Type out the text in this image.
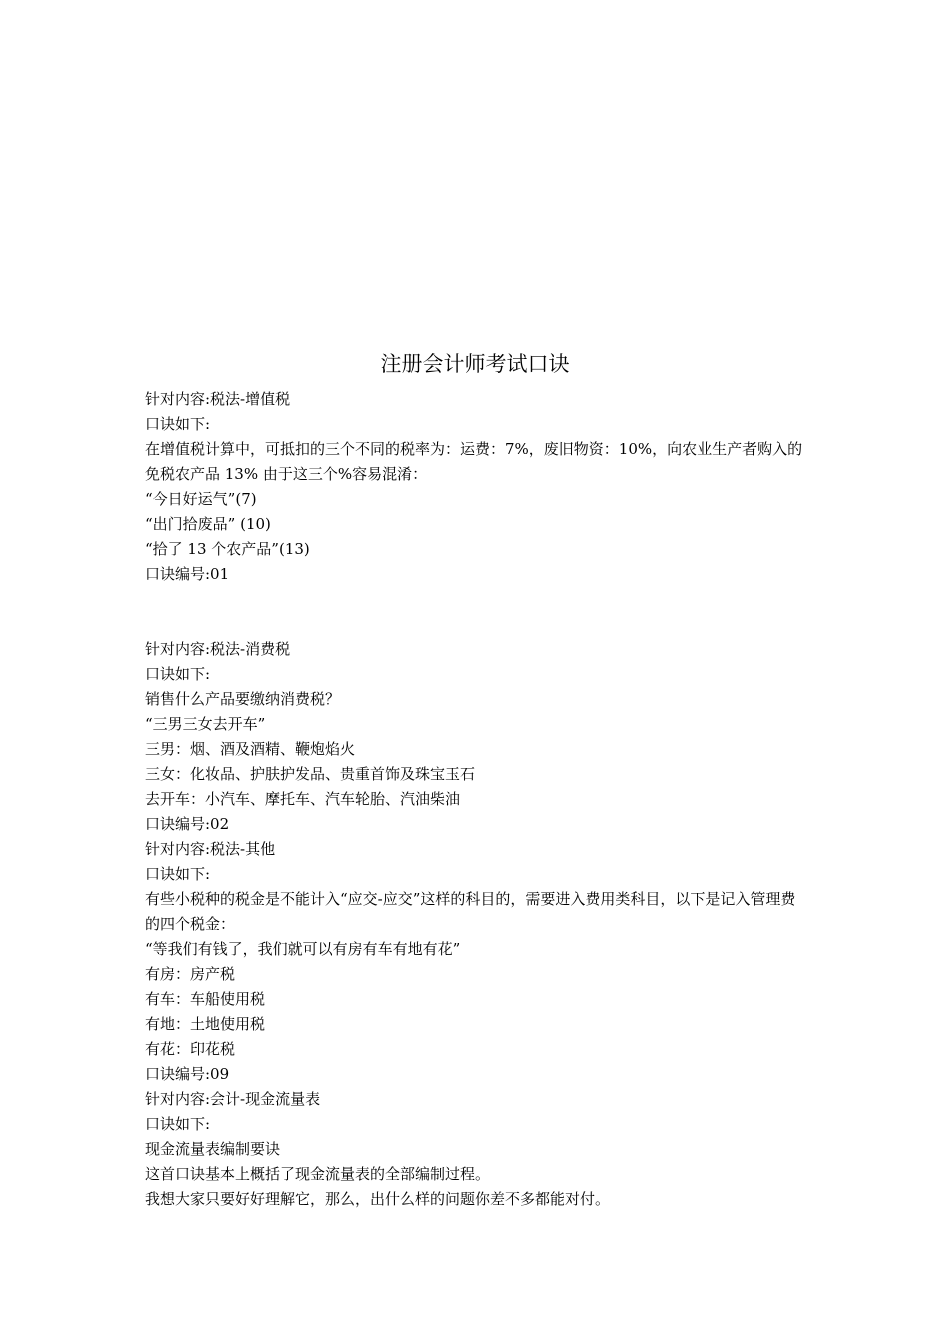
注册会计师考试口诀
针对内容:税法-增值税
口诀如下:
在增值税计算中，可抵扣的三个不同的税率为：运费：7%，废旧物资：10%，向农业生产者购入的免税农产品 13% 由于这三个%容易混淆：
“今日好运气”(7)
“出门拾废品” (10)
“拾了 13 个农产品”(13)
口诀编号:01
针对内容:税法-消费税
口诀如下:
销售什么产品要缴纳消费税？
“三男三女去开车”
三男：烟、酒及酒精、鞭炮焰火
三女：化妆品、护肤护发品、贵重首饰及珠宝玉石
去开车：小汽车、摩托车、汽车轮胎、汽油柴油
口诀编号:02
针对内容:税法-其他
口诀如下:
有些小税种的税金是不能计入“应交-应交”这样的科目的，需要进入费用类科目，以下是记入管理费的四个税金：
“等我们有钱了，我们就可以有房有车有地有花”
有房：房产税
有车：车船使用税
有地：土地使用税
有花：印花税
口诀编号:09
针对内容:会计-现金流量表
口诀如下:
现金流量表编制要诀
这首口诀基本上概括了现金流量表的全部编制过程。
我想大家只要好好理解它，那么，出什么样的问题你差不多都能对付。
